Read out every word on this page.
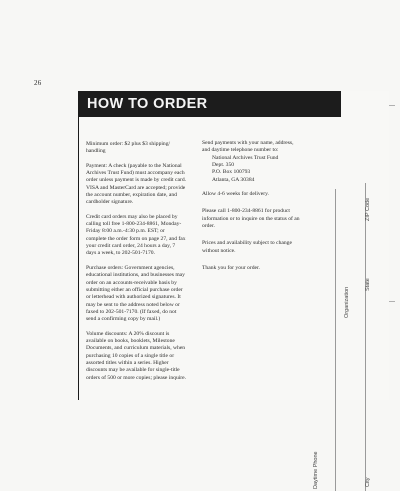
26
HOW TO ORDER

Minimum order: $2 plus $3 shipping/
handling

Payment: A check (payable to the National
Archives Trust Fund) must accompany each
order unless payment is made by credit card.
VISA and MasterCard are accepted; provide
the account number, expiration date, and
cardholder signature.

Credit card orders may also be placed by
calling toll free 1-800-234-8861, Monday-
Friday 8:00 a.m.-4:30 p.m. EST; or
complete the order form on page 27, and fax
your credit card order, 24 hours a day, 7
days a week, to 202-501-7170.

Purchase orders: Government agencies,
educational institutions, and businesses may
order on an accounts-receivable basis by
submitting either an official purchase order
or letterhead with authorized signatures. It
may be sent to the address noted below or
faxed to 202-501-7170. (If faxed, do not
send a confirming copy by mail.)

Volume discounts: A 20% discount is
available on books, booklets, Milestone
Documents, and curriculum materials, when
purchasing 10 copies of a single title or
assorted titles within a series. Higher
discounts may be available for single-title
orders of 500 or more copies; please inquire.

Send payments with your name, address,
and daytime telephone number to:

National Archives Trust Fund
Dept. 350
P.O. Box 100793
Atlanta, GA 30384

Allow 4-6 weeks for delivery.

Please call 1-800-234-8861 for product
information or to inquire on the status of an
order.

Prices and availability subject to change
without notice.

Thank you for your order.

ZIP Code
State
Organization
City
Daytime Phone
